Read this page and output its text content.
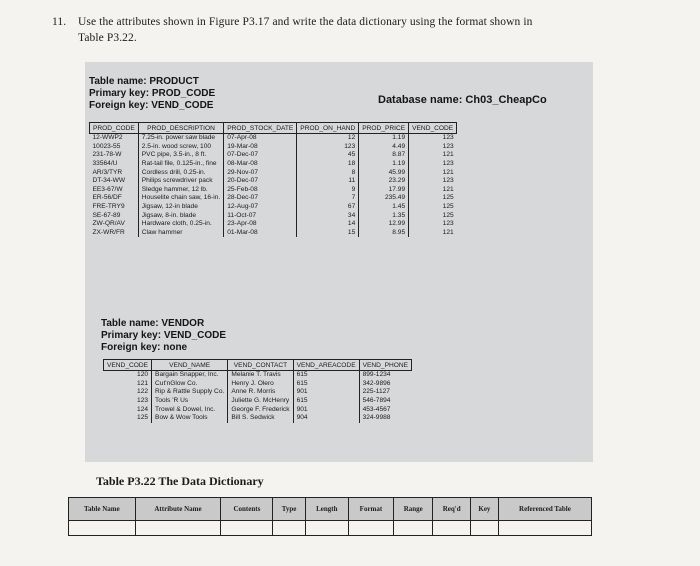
11. Use the attributes shown in Figure P3.17 and write the data dictionary using the format shown in
Table P3.22.
Table name: PRODUCT
Primary key: PROD_CODE
Foreign key: VEND_CODE	Database name: Ch03_CheapCo
PROD_CODE	PROD_DESCRIPTION	PROD_STOCK_DATE	PROD_ON_HAND	PROD_PRICE	VEND_CODE
12-WWP2	7.25-in. power saw blade	07-Apr-08	12	1.19	123
10023-55	2.5-in. wood screw, 100	19-Mar-08	123	4.49	123
231-78-W	PVC pipe, 3.5-in., 8 ft.	07-Dec-07	45	8.87	121
33564/U	Rat-tail file, 0.125-in., fine	08-Mar-08	18	1.19	123
AR/3/TYR	Cordless drill, 0.25-in.	29-Nov-07	8	45.99	121
DT-34-WW	Philips screwdriver pack	20-Dec-07	11	23.29	123
EE3-67/W	Sledge hammer, 12 lb.	25-Feb-08	9	17.99	121
ER-56/DF	Houselite chain saw, 16-in.	28-Dec-07	7	235.49	125
FRE-TRY9	Jigsaw, 12-in blade	12-Aug-07	67	1.45	125
SE-67-89	Jigsaw, 8-in. blade	11-Oct-07	34	1.35	125
ZW-QR/AV	Hardware cloth, 0.25-in.	23-Apr-08	14	12.99	123
ZX-WR/FR	Claw hammer	01-Mar-08	15	8.95	121
Table name: VENDOR
Primary key: VEND_CODE
Foreign key: none
VEND_CODE	VEND_NAME	VEND_CONTACT	VEND_AREACODE	VEND_PHONE
120	Bargain Snapper, Inc.	Melanie T. Travis	615	899-1234
121	Cut'nGlow Co.	Henry J. Olero	615	342-9896
122	Rip & Rattle Supply Co.	Anne R. Morris	901	225-1127
123	Tools 'R Us	Juliette G. McHenry	615	546-7894
124	Trowel & Dowel, Inc.	George F. Frederick	901	453-4567
125	Bow & Wow Tools	Bill S. Sedwick	904	324-9988
Table P3.22 The Data Dictionary
Table Name	Attribute Name	Contents	Type	Length	Format	Range	Req'd	Key	Referenced Table
